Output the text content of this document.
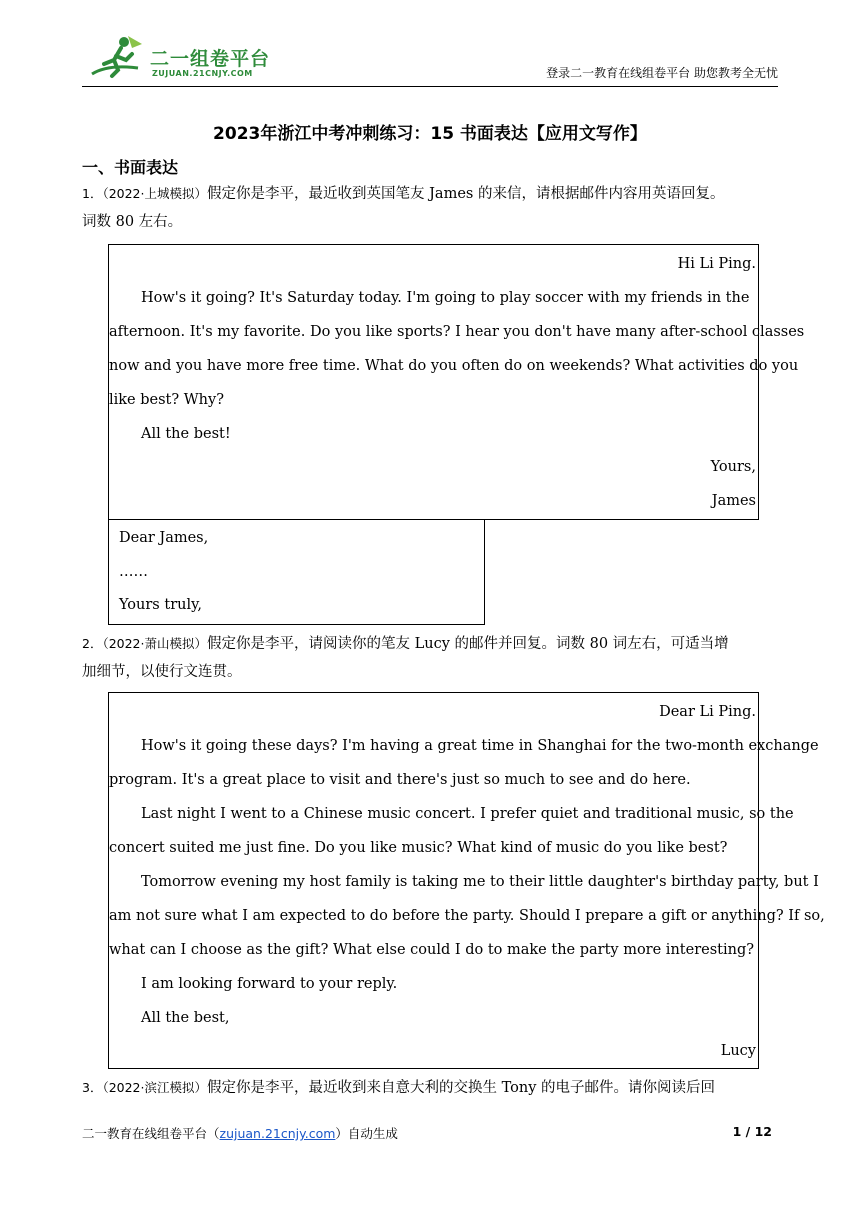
二一组卷平台
ZUJUAN.21CNJY.COM	登录二一教育在线组卷平台 助您教考全无忧
2023年浙江中考冲刺练习：15 书面表达【应用文写作】
一、书面表达
1．（2022·上城模拟）假定你是李平，最近收到英国笔友 James 的来信，请根据邮件内容用英语回复。
词数 80 左右。
Hi Li Ping.
How's it going? It's Saturday today. I'm going to play soccer with my friends in the
afternoon. It's my favorite. Do you like sports? I hear you don't have many after-school classes
now and you have more free time. What do you often do on weekends? What activities do you
like best? Why?
All the best!
Yours,
James
Dear James,
……
Yours truly,
2．（2022·萧山模拟）假定你是李平，请阅读你的笔友 Lucy 的邮件并回复。词数 80 词左右，可适当增
加细节，以使行文连贯。
Dear Li Ping.
How's it going these days? I'm having a great time in Shanghai for the two-month exchange
program. It's a great place to visit and there's just so much to see and do here.
Last night I went to a Chinese music concert. I prefer quiet and traditional music, so the
concert suited me just fine. Do you like music? What kind of music do you like best?
Tomorrow evening my host family is taking me to their little daughter's birthday party, but I
am not sure what I am expected to do before the party. Should I prepare a gift or anything? If so,
what can I choose as the gift? What else could I do to make the party more interesting?
I am looking forward to your reply.
All the best,
Lucy
3．（2022·滨江模拟）假定你是李平，最近收到来自意大利的交换生 Tony 的电子邮件。请你阅读后回
二一教育在线组卷平台（zujuan.21cnjy.com）自动生成	1 / 12
